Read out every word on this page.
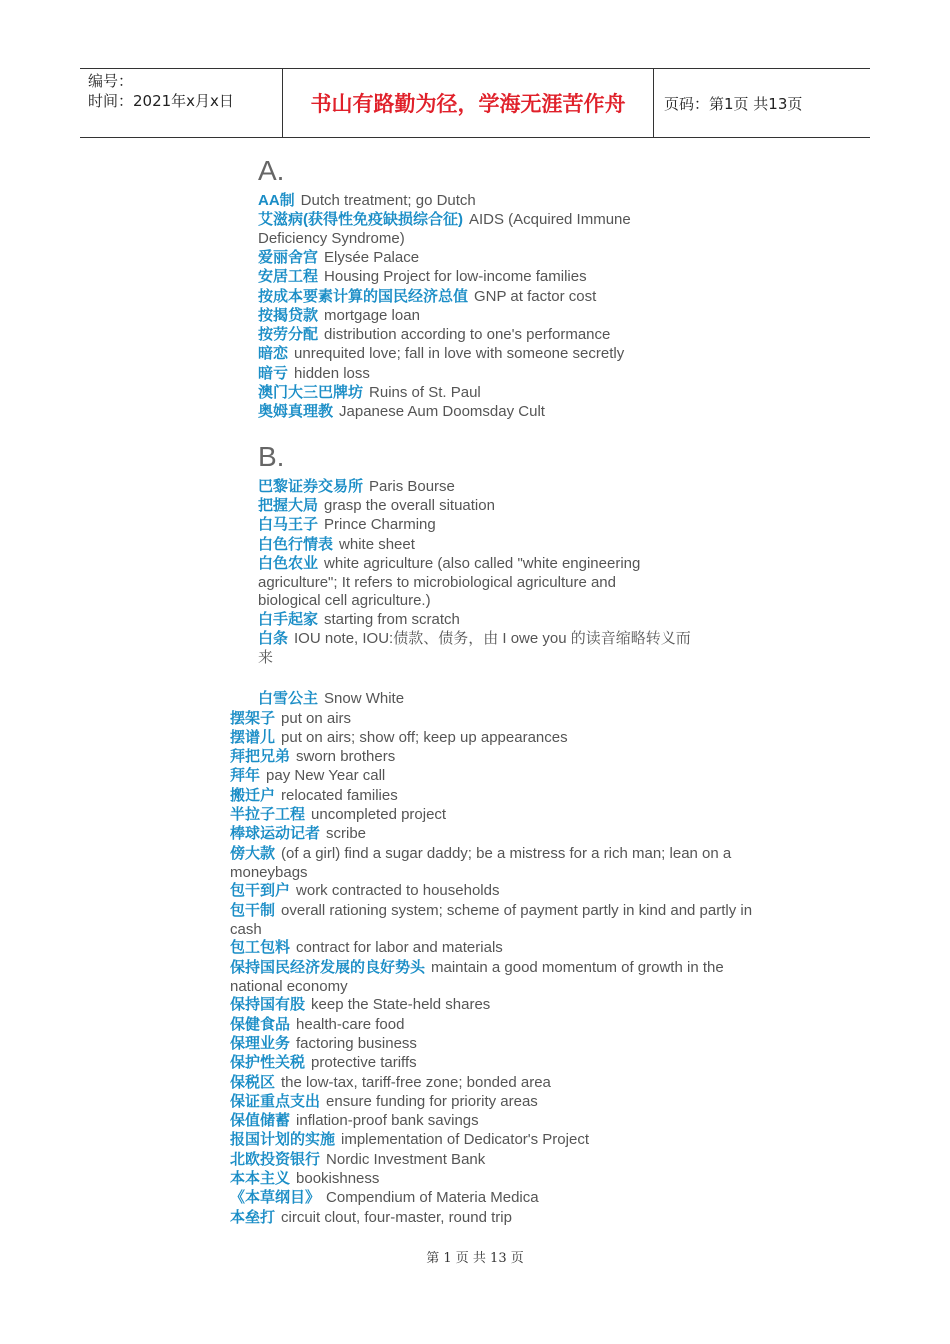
编号：
时间：2021年x月x日	书山有路勤为径，学海无涯苦作舟	页码：第1页 共13页
A.
AA制 Dutch treatment; go Dutch
艾滋病(获得性免疫缺损综合征) AIDS (Acquired Immune Deficiency Syndrome)
爱丽舍宫 Elysée Palace
安居工程 Housing Project for low-income families
按成本要素计算的国民经济总值 GNP at factor cost
按揭贷款 mortgage loan
按劳分配 distribution according to one's performance
暗恋 unrequited love; fall in love with someone secretly
暗亏 hidden loss
澳门大三巴牌坊 Ruins of St. Paul
奥姆真理教 Japanese Aum Doomsday Cult
B.
巴黎证券交易所 Paris Bourse
把握大局 grasp the overall situation
白马王子 Prince Charming
白色行情表 white sheet
白色农业 white agriculture (also called "white engineering agriculture"; It refers to microbiological agriculture and biological cell agriculture.)
白手起家 starting from scratch
白条 IOU note, IOU:债款、债务，由 I owe you 的读音缩略转义而来
白雪公主 Snow White
摆架子 put on airs
摆谱儿 put on airs; show off; keep up appearances
拜把兄弟 sworn brothers
拜年 pay New Year call
搬迁户 relocated families
半拉子工程 uncompleted project
棒球运动记者 scribe
傍大款 (of a girl) find a sugar daddy; be a mistress for a rich man; lean on a moneybags
包干到户 work contracted to households
包干制 overall rationing system; scheme of payment partly in kind and partly in cash
包工包料 contract for labor and materials
保持国民经济发展的良好势头 maintain a good momentum of growth in the national economy
保持国有股 keep the State-held shares
保健食品 health-care food
保理业务 factoring business
保护性关税 protective tariffs
保税区 the low-tax, tariff-free zone; bonded area
保证重点支出 ensure funding for priority areas
保值储蓄 inflation-proof bank savings
报国计划的实施 implementation of Dedicator's Project
北欧投资银行 Nordic Investment Bank
本本主义 bookishness
《本草纲目》 Compendium of Materia Medica
本垒打 circuit clout, four-master, round trip
第 1 页 共 13 页
